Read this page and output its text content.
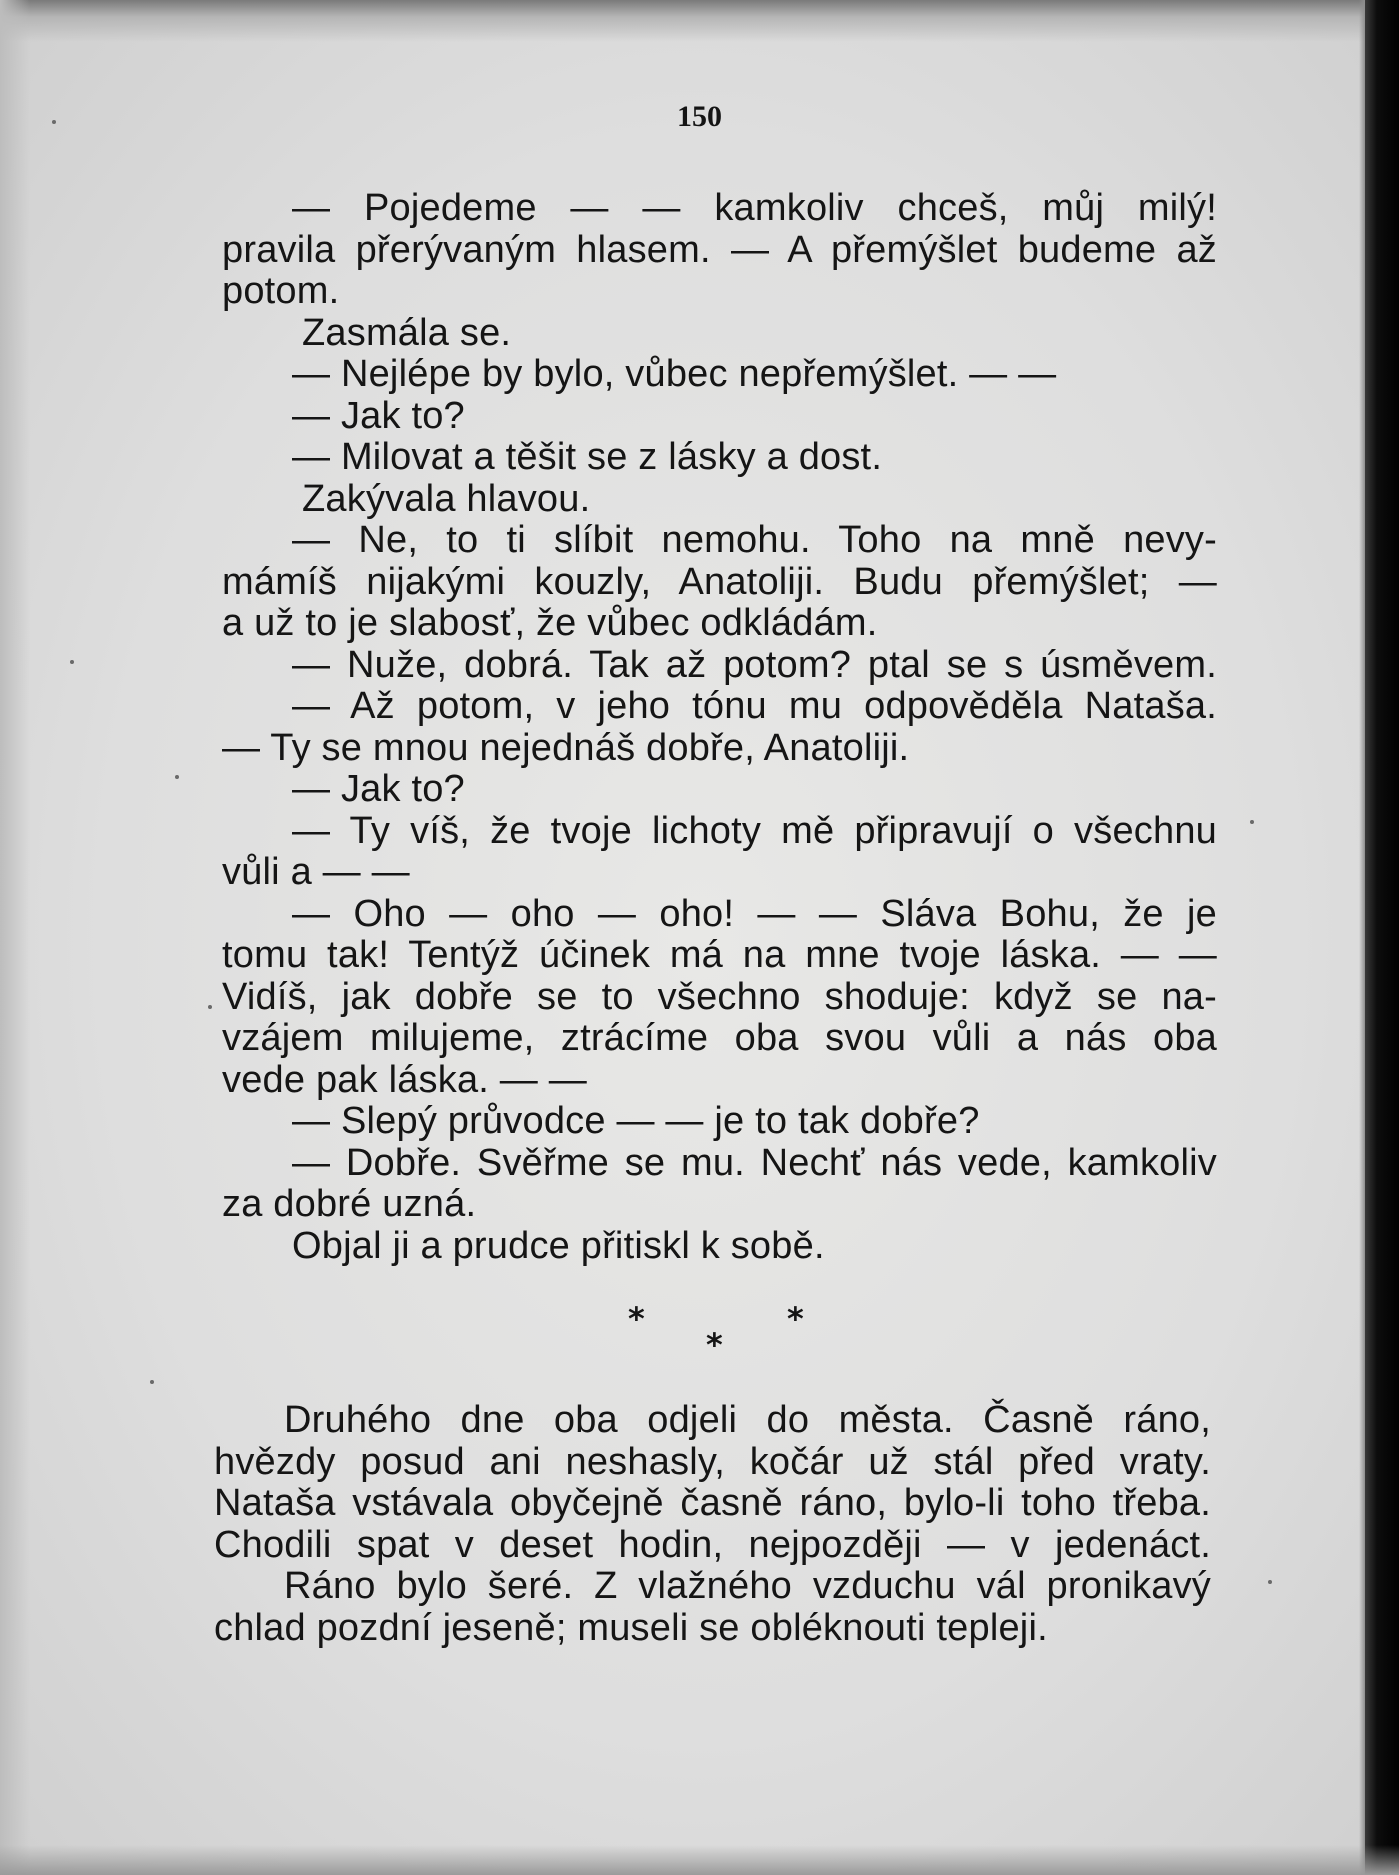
150
— Pojedeme — — kamkoliv chceš, můj milý!
pravila přerývaným hlasem. — A přemýšlet budeme až
potom.
Zasmála se.
— Nejlépe by bylo, vůbec nepřemýšlet. — —
— Jak to?
— Milovat a těšit se z lásky a dost.
Zakývala hlavou.
— Ne, to ti slíbit nemohu. Toho na mně nevy-
mámíš nijakými kouzly, Anatoliji. Budu přemýšlet; —
a už to je slabosť, že vůbec odkládám.
— Nuže, dobrá. Tak až potom? ptal se s úsměvem.
— Až potom, v jeho tónu mu odpověděla Nataša.
— Ty se mnou nejednáš dobře, Anatoliji.
— Jak to?
— Ty víš, že tvoje lichoty mě připravují o všechnu
vůli a — —
— Oho — oho — oho! — — Sláva Bohu, že je
tomu tak! Tentýž účinek má na mne tvoje láska. — —
Vidíš, jak dobře se to všechno shoduje: když se na-
vzájem milujeme, ztrácíme oba svou vůli a nás oba
vede pak láska. — —
— Slepý průvodce — — je to tak dobře?
— Dobře. Svěřme se mu. Nechť nás vede, kamkoliv
za dobré uzná.
Objal ji a prudce přitiskl k sobě.
*
*
*
Druhého dne oba odjeli do města. Časně ráno,
hvězdy posud ani neshasly, kočár už stál před vraty.
Nataša vstávala obyčejně časně ráno, bylo-li toho třeba.
Chodili spat v deset hodin, nejpozději — v jedenáct.
Ráno bylo šeré. Z vlažného vzduchu vál pronikavý
chlad pozdní jeseně; museli se obléknouti tepleji.
